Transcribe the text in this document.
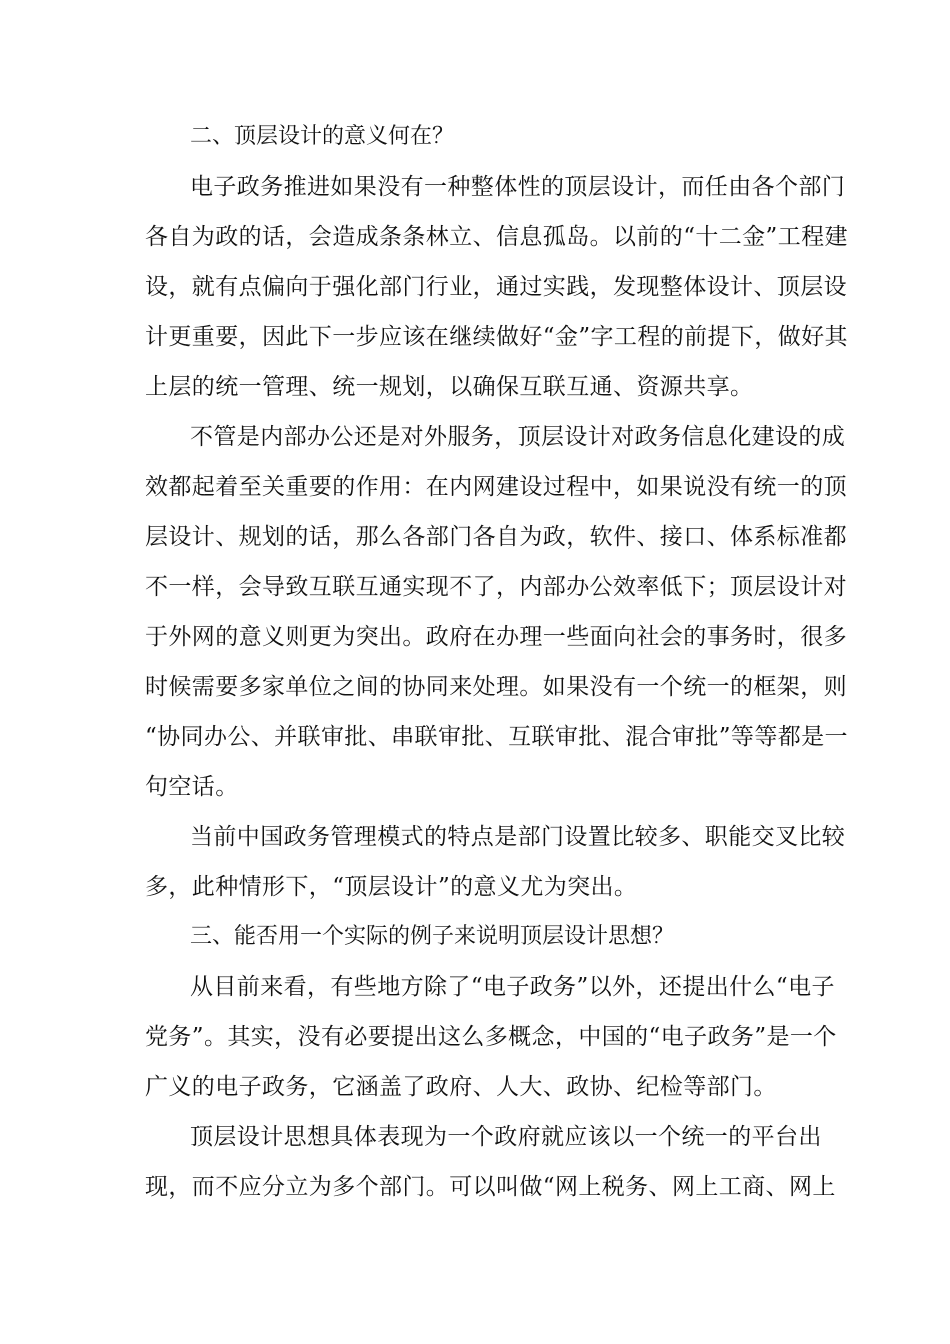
二、顶层设计的意义何在？

电子政务推进如果没有一种整体性的顶层设计，而任由各个部门
各自为政的话，会造成条条林立、信息孤岛。以前的“十二金”工程建
设，就有点偏向于强化部门行业，通过实践，发现整体设计、顶层设
计更重要，因此下一步应该在继续做好“金”字工程的前提下，做好其
上层的统一管理、统一规划，以确保互联互通、资源共享。

不管是内部办公还是对外服务，顶层设计对政务信息化建设的成
效都起着至关重要的作用：在内网建设过程中，如果说没有统一的顶
层设计、规划的话，那么各部门各自为政，软件、接口、体系标准都
不一样，会导致互联互通实现不了，内部办公效率低下；顶层设计对
于外网的意义则更为突出。政府在办理一些面向社会的事务时，很多
时候需要多家单位之间的协同来处理。如果没有一个统一的框架，则
“协同办公、并联审批、串联审批、互联审批、混合审批”等等都是一
句空话。

当前中国政务管理模式的特点是部门设置比较多、职能交叉比较
多，此种情形下，“顶层设计”的意义尤为突出。

三、能否用一个实际的例子来说明顶层设计思想？

从目前来看，有些地方除了“电子政务”以外，还提出什么“电子
党务”。其实，没有必要提出这么多概念，中国的“电子政务”是一个
广义的电子政务，它涵盖了政府、人大、政协、纪检等部门。

顶层设计思想具体表现为一个政府就应该以一个统一的平台出
现，而不应分立为多个部门。可以叫做“网上税务、网上工商、网上
